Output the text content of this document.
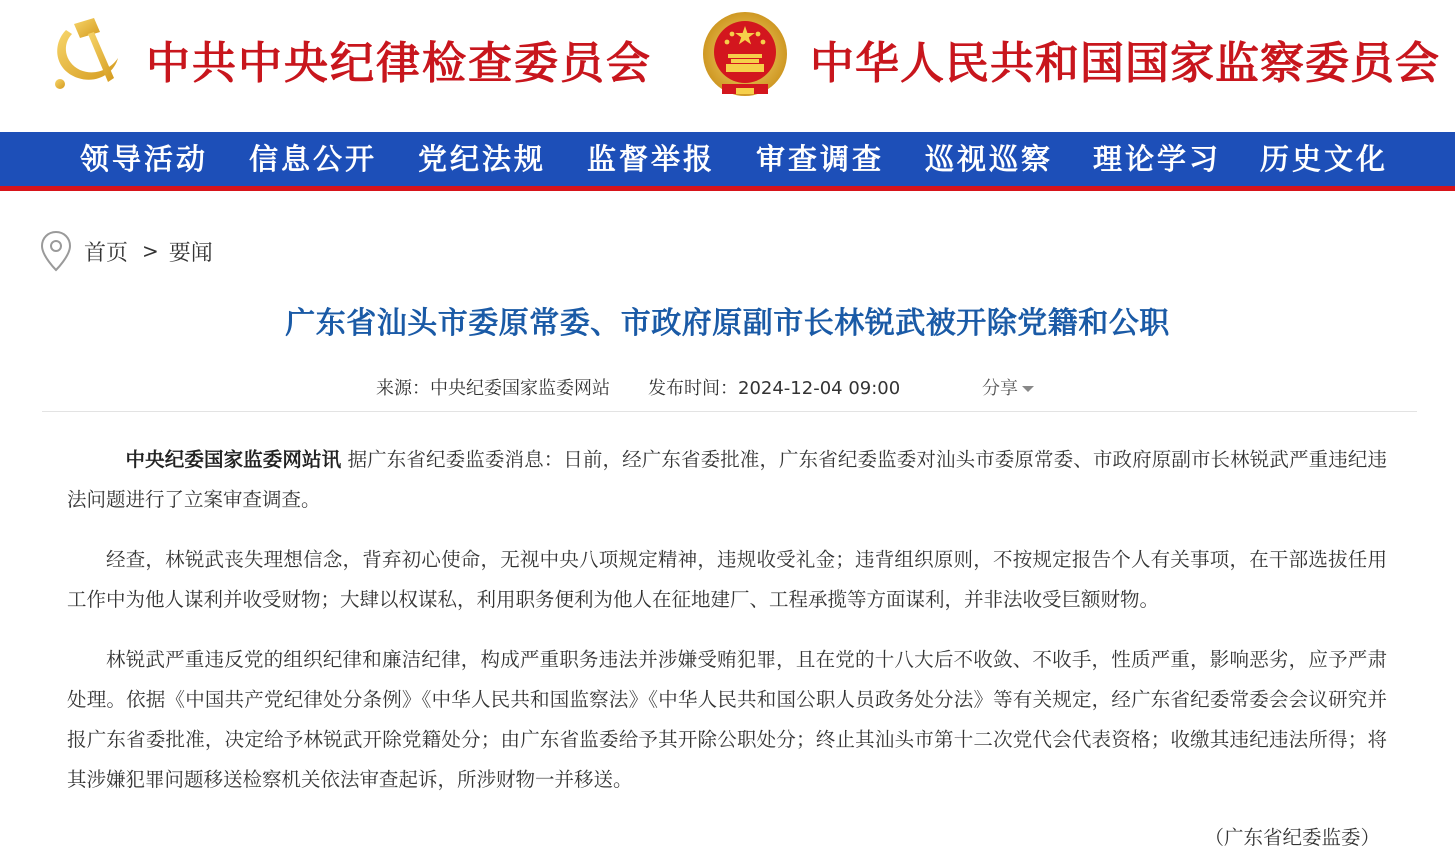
中共中央纪律检查委员会	中华人民共和国国家监察委员会
领导活动 信息公开 党纪法规 监督举报 审查调查 巡视巡察 理论学习 历史文化
首页 > 要闻
广东省汕头市委原常委、市政府原副市长林锐武被开除党籍和公职
来源：中央纪委国家监委网站 发布时间：2024-12-04 09:00	分享
中央纪委国家监委网站讯 据广东省纪委监委消息：日前，经广东省委批准，广东省纪委监委对汕头市委原常委、市政府原副市长林锐武严重违纪违法问题进行了立案审查调查。
经查，林锐武丧失理想信念，背弃初心使命，无视中央八项规定精神，违规收受礼金；违背组织原则，不按规定报告个人有关事项，在干部选拔任用工作中为他人谋利并收受财物；大肆以权谋私，利用职务便利为他人在征地建厂、工程承揽等方面谋利，并非法收受巨额财物。
林锐武严重违反党的组织纪律和廉洁纪律，构成严重职务违法并涉嫌受贿犯罪，且在党的十八大后不收敛、不收手，性质严重，影响恶劣，应予严肃处理。依据《中国共产党纪律处分条例》《中华人民共和国监察法》《中华人民共和国公职人员政务处分法》等有关规定，经广东省纪委常委会会议研究并报广东省委批准，决定给予林锐武开除党籍处分；由广东省监委给予其开除公职处分；终止其汕头市第十二次党代会代表资格；收缴其违纪违法所得；将其涉嫌犯罪问题移送检察机关依法审查起诉，所涉财物一并移送。
（广东省纪委监委）
